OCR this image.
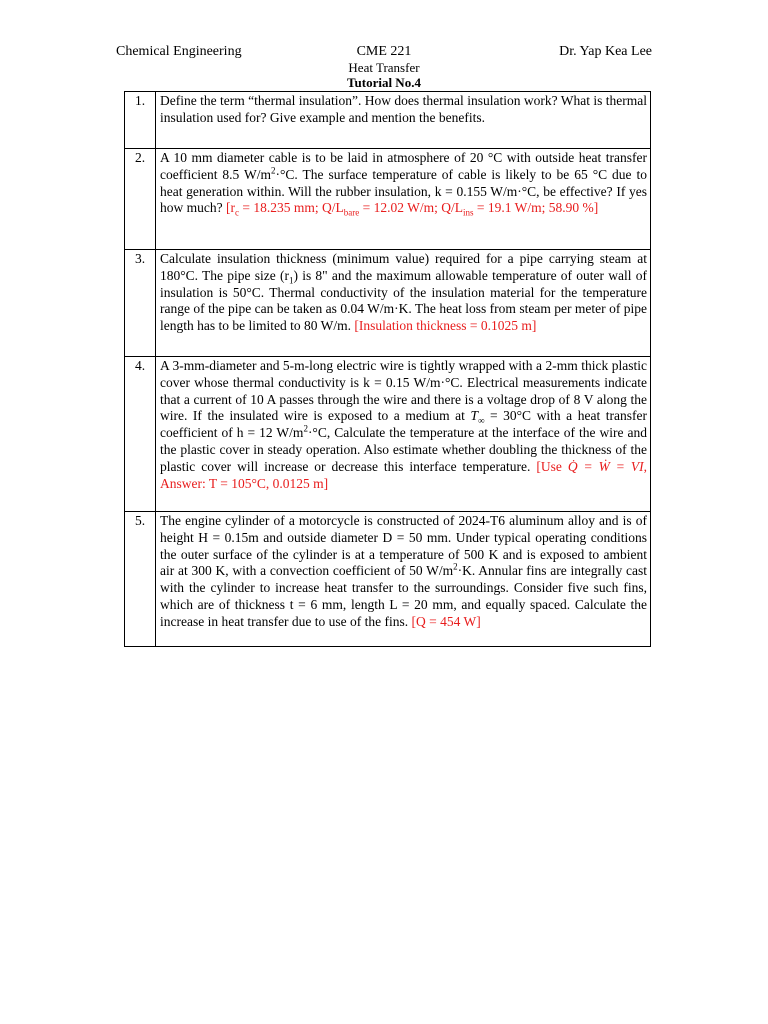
Chemical Engineering	CME 221
Heat Transfer
Tutorial No.4
Dr. Yap Kea Lee
1.	Define the term “thermal insulation”. How does thermal insulation work? What is thermal insulation used for? Give example and mention the benefits.
2.	A 10 mm diameter cable is to be laid in atmosphere of 20 °C with outside heat transfer coefficient 8.5 $W/m^2\cdot^\circ C$. The surface temperature of cable is likely to be 65 °C due to heat generation within. Will the rubber insulation, k = 0.155 W/m·°C, be effective? If yes how much? [$r_c = 18.235$ mm; $Q/L_{bare} = 12.02$ W/m; $Q/L_{ins} = 19.1$ W/m; 58.90 %]
3.	Calculate insulation thickness (minimum value) required for a pipe carrying steam at 180°C. The pipe size $(r_1)$ is 8" and the maximum allowable temperature of outer wall of insulation is 50°C. Thermal conductivity of the insulation material for the temperature range of the pipe can be taken as 0.04 W/m·K. The heat loss from steam per meter of pipe length has to be limited to 80 W/m. [Insulation thickness = 0.1025 m]
4.	A 3-mm-diameter and 5-m-long electric wire is tightly wrapped with a 2-mm thick plastic cover whose thermal conductivity is k = 0.15 W/m·°C. Electrical measurements indicate that a current of 10 A passes through the wire and there is a voltage drop of 8 V along the wire. If the insulated wire is exposed to a medium at $T_\infty = 30^\circ C$ with a heat transfer coefficient of h = 12 $W/m^2\cdot^\circ C$, Calculate the temperature at the interface of the wire and the plastic cover in steady operation. Also estimate whether doubling the thickness of the plastic cover will increase or decrease this interface temperature. [Use Q̇ = Ẇ = VI, Answer: T = 105°C, 0.0125 m]
5.	The engine cylinder of a motorcycle is constructed of 2024-T6 aluminum alloy and is of height H = 0.15m and outside diameter D = 50 mm. Under typical operating conditions the outer surface of the cylinder is at a temperature of 500 K and is exposed to ambient air at 300 K, with a convection coefficient of 50 $W/m^2\cdot K$. Annular fins are integrally cast with the cylinder to increase heat transfer to the surroundings. Consider five such fins, which are of thickness t = 6 mm, length L = 20 mm, and equally spaced. Calculate the increase in heat transfer due to use of the fins. [Q = 454 W]
